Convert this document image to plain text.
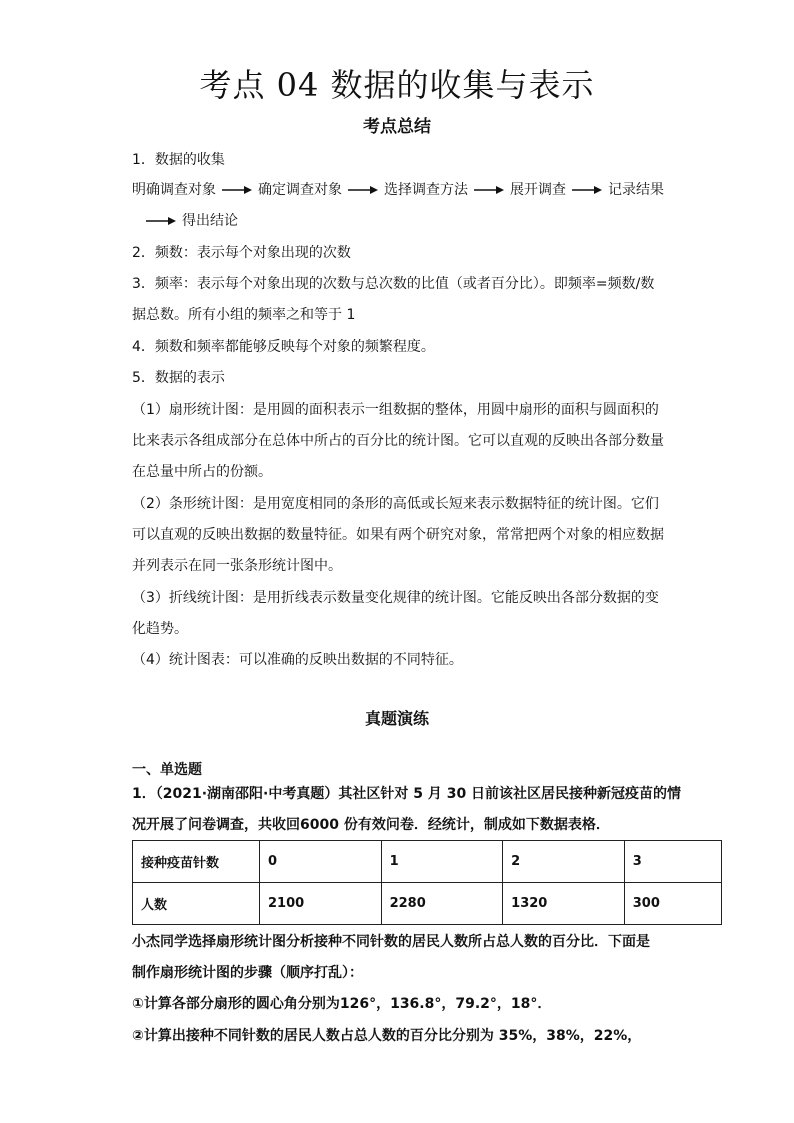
考点 04 数据的收集与表示
考点总结
1．数据的收集
明确调查对象	确定调查对象	选择调查方法	展开调查	记录结果
得出结论
2．频数：表示每个对象出现的次数
3．频率：表示每个对象出现的次数与总次数的比值（或者百分比）。即频率=频数/数
据总数。所有小组的频率之和等于 1
4．频数和频率都能够反映每个对象的频繁程度。
5．数据的表示
（1）扇形统计图：是用圆的面积表示一组数据的整体，用圆中扇形的面积与圆面积的
比来表示各组成部分在总体中所占的百分比的统计图。它可以直观的反映出各部分数量
在总量中所占的份额。
（2）条形统计图：是用宽度相同的条形的高低或长短来表示数据特征的统计图。它们
可以直观的反映出数据的数量特征。如果有两个研究对象，常常把两个对象的相应数据
并列表示在同一张条形统计图中。
（3）折线统计图：是用折线表示数量变化规律的统计图。它能反映出各部分数据的变
化趋势。
（4）统计图表：可以准确的反映出数据的不同特征。
真题演练
一、单选题
1．（2021·湖南邵阳·中考真题）其社区针对 5 月 30 日前该社区居民接种新冠疫苗的情
况开展了问卷调查，共收回6000 份有效问卷．经统计，制成如下数据表格．
接种疫苗针数	0	1	2	3
人数	2100	2280	1320	300
小杰同学选择扇形统计图分析接种不同针数的居民人数所占总人数的百分比．下面是
制作扇形统计图的步骤（顺序打乱）：
①计算各部分扇形的圆心角分别为126°，136.8°，79.2°，18°．
②计算出接种不同针数的居民人数占总人数的百分比分别为 35%，38%，22%，
